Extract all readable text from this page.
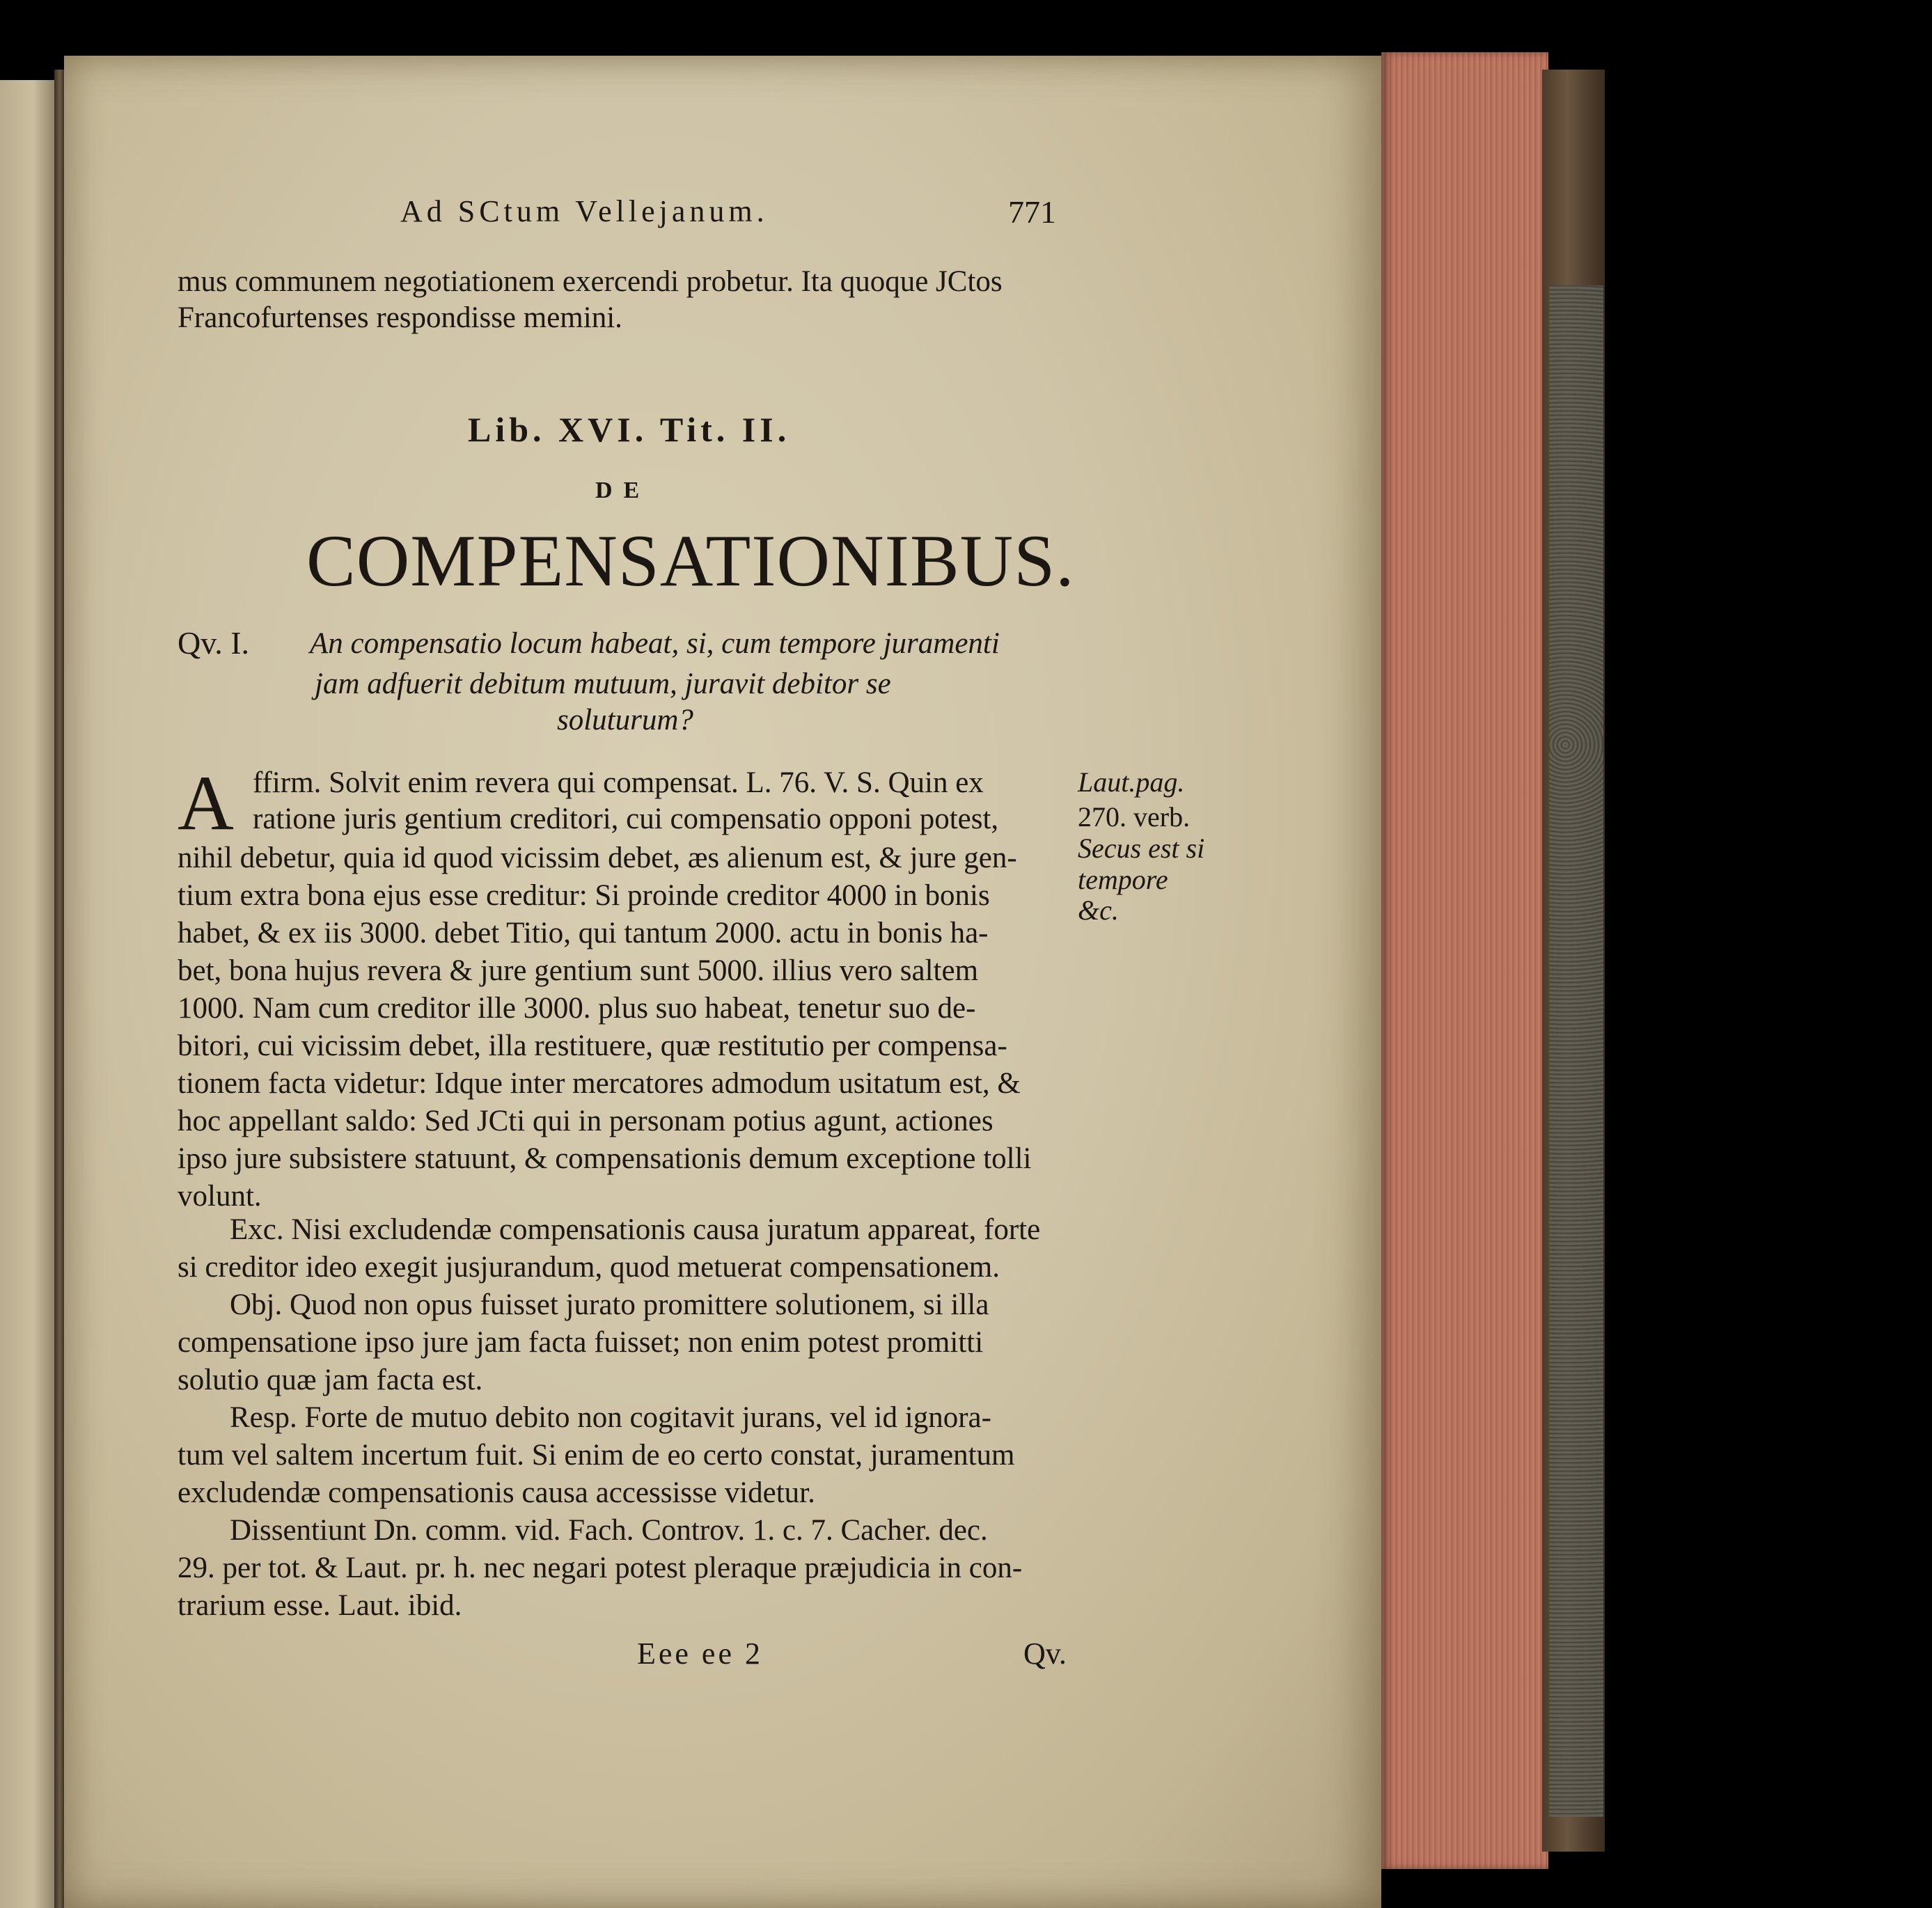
Ad SCtum Vellejanum.	771
mus communem negotiationem exercendi probetur. Ita quoque JCtos
Francofurtenses respondisse memini.
Lib. XVI. Tit. II.
DE
COMPENSATIONIBUS.
Qv. I. An compensatio locum habeat, si, cum tempore juramenti
jam adfuerit debitum mutuum, juravit debitor se
soluturum?
A ffirm. Solvit enim revera qui compensat. L. 76. V. S. Quin ex
ratione juris gentium creditori, cui compensatio opponi potest,
nihil debetur, quia id quod vicissim debet, æs alienum est, & jure gen-
tium extra bona ejus esse creditur: Si proinde creditor 4000 in bonis
habet, & ex iis 3000. debet Titio, qui tantum 2000. actu in bonis ha-
bet, bona hujus revera & jure gentium sunt 5000. illius vero saltem
1000. Nam cum creditor ille 3000. plus suo habeat, tenetur suo de-
bitori, cui vicissim debet, illa restituere, quæ restitutio per compensa-
tionem facta videtur: Idque inter mercatores admodum usitatum est, &
hoc appellant saldo: Sed JCti qui in personam potius agunt, actiones
ipso jure subsistere statuunt, & compensationis demum exceptione tolli
volunt.
Laut.pag.
270. verb.
Secus est si
tempore
&c.
Exc. Nisi excludendæ compensationis causa juratum appareat, forte
si creditor ideo exegit jusjurandum, quod metuerat compensationem.
Obj. Quod non opus fuisset jurato promittere solutionem, si illa
compensatione ipso jure jam facta fuisset; non enim potest promitti
solutio quæ jam facta est.
Resp. Forte de mutuo debito non cogitavit jurans, vel id ignora-
tum vel saltem incertum fuit. Si enim de eo certo constat, juramentum
excludendæ compensationis causa accessisse videtur.
Dissentiunt Dn. comm. vid. Fach. Controv. 1. c. 7. Cacher. dec.
29. per tot. & Laut. pr. h. nec negari potest pleraque præjudicia in con-
trarium esse. Laut. ibid.
Eee ee 2	Qv.
